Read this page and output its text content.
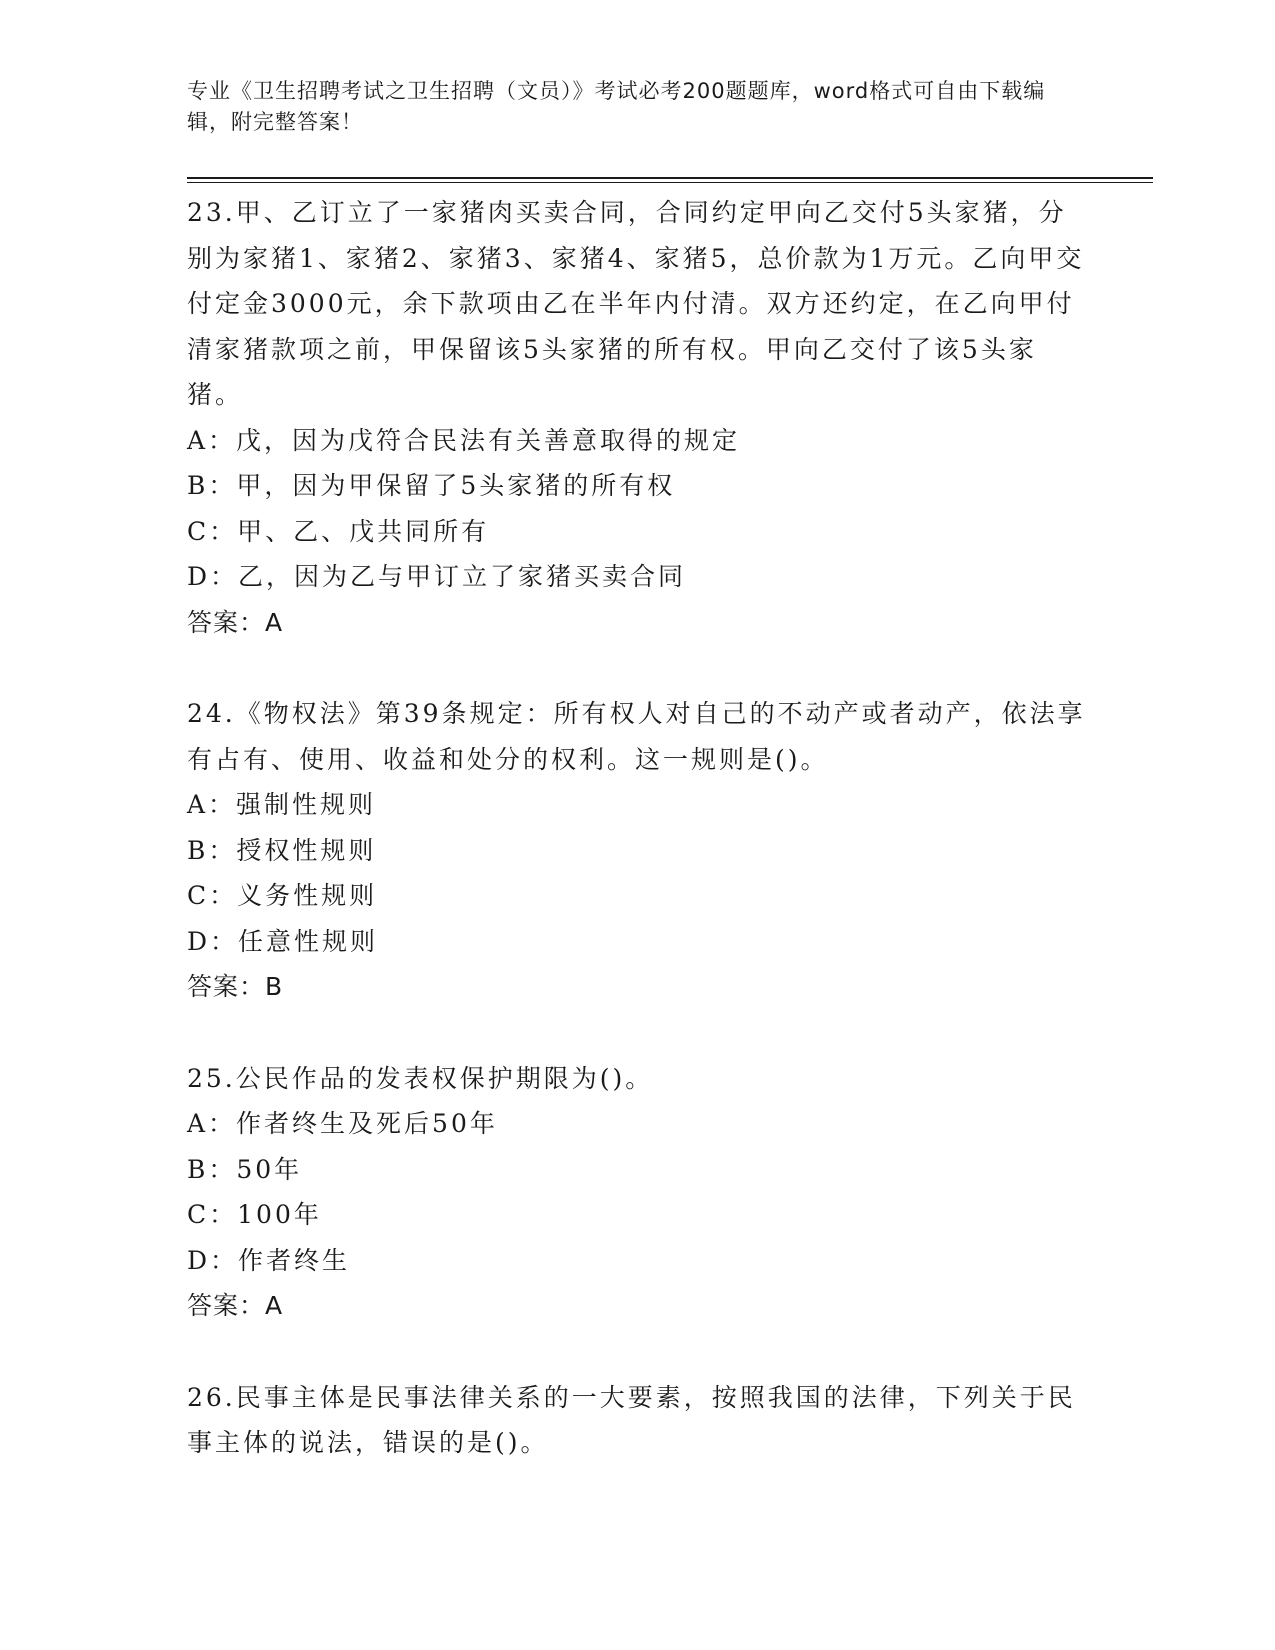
专业《卫生招聘考试之卫生招聘（文员）》考试必考200题题库，word格式可自由下载编辑，附完整答案！

23.甲、乙订立了一家猪肉买卖合同，合同约定甲向乙交付5头家猪，分别为家猪1、家猪2、家猪3、家猪4、家猪5，总价款为1万元。乙向甲交付定金3000元，余下款项由乙在半年内付清。双方还约定，在乙向甲付清家猪款项之前，甲保留该5头家猪的所有权。甲向乙交付了该5头家猪。

A：戊，因为戊符合民法有关善意取得的规定

B：甲，因为甲保留了5头家猪的所有权

C：甲、乙、戊共同所有

D：乙，因为乙与甲订立了家猪买卖合同

答案：A

24.《物权法》第39条规定：所有权人对自己的不动产或者动产，依法享有占有、使用、收益和处分的权利。这一规则是()。

A：强制性规则

B：授权性规则

C：义务性规则

D：任意性规则

答案：B

25.公民作品的发表权保护期限为()。

A：作者终生及死后50年

B：50年

C：100年

D：作者终生

答案：A

26.民事主体是民事法律关系的一大要素，按照我国的法律，下列关于民事主体的说法，错误的是()。
